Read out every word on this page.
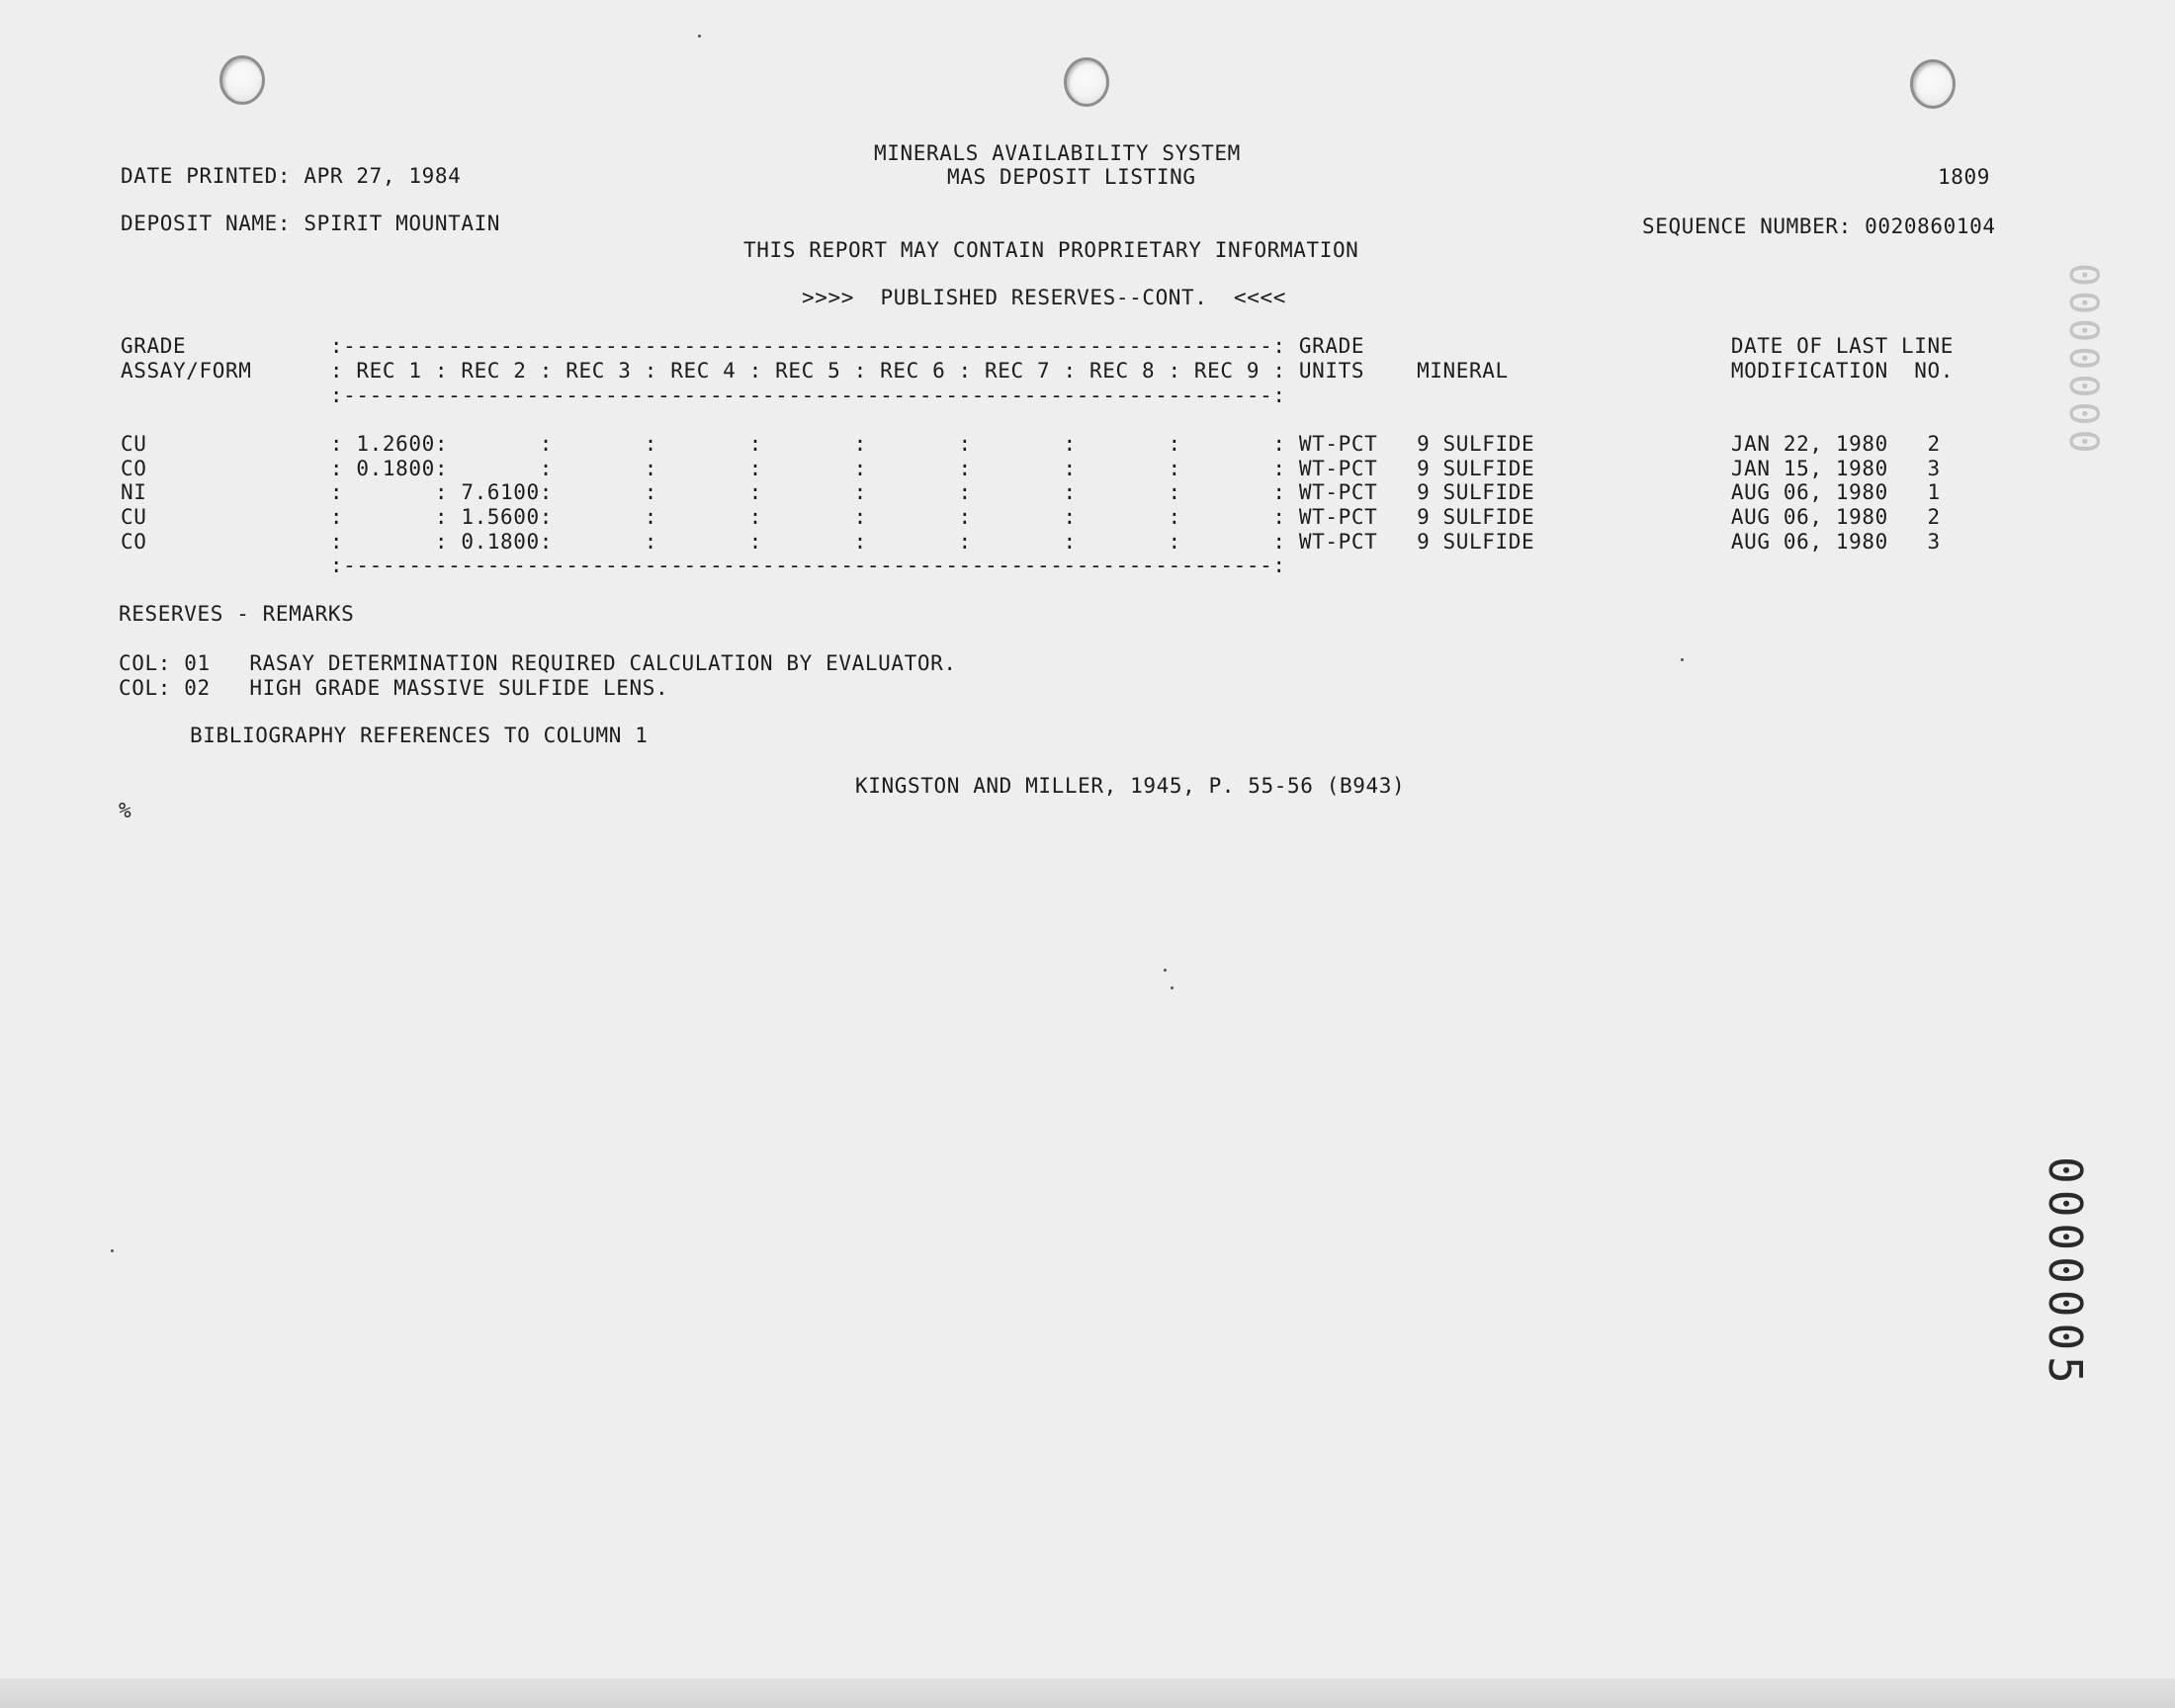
MINERALS AVAILABILITY SYSTEM
MAS DEPOSIT LISTING
DATE PRINTED: APR 27, 1984	1809
DEPOSIT NAME: SPIRIT MOUNTAIN	SEQUENCE NUMBER: 0020860104
THIS REPORT MAY CONTAIN PROPRIETARY INFORMATION
>>>>  PUBLISHED RESERVES--CONT.  <<<<
GRADE           :-----------------------------------------------------------------------: GRADE                            DATE OF LAST LINE
ASSAY/FORM      : REC 1 : REC 2 : REC 3 : REC 4 : REC 5 : REC 6 : REC 7 : REC 8 : REC 9 : UNITS    MINERAL                 MODIFICATION  NO.
:-----------------------------------------------------------------------:
CU              : 1.2600:       :       :       :       :       :       :       :       : WT-PCT   9 SULFIDE               JAN 22, 1980   2
CO              : 0.1800:       :       :       :       :       :       :       :       : WT-PCT   9 SULFIDE               JAN 15, 1980   3
NI              :       : 7.6100:       :       :       :       :       :       :       : WT-PCT   9 SULFIDE               AUG 06, 1980   1
CU              :       : 1.5600:       :       :       :       :       :       :       : WT-PCT   9 SULFIDE               AUG 06, 1980   2
CO              :       : 0.1800:       :       :       :       :       :       :       : WT-PCT   9 SULFIDE               AUG 06, 1980   3
:-----------------------------------------------------------------------:
RESERVES - REMARKS
COL: 01   RASAY DETERMINATION REQUIRED CALCULATION BY EVALUATOR.
COL: 02   HIGH GRADE MASSIVE SULFIDE LENS.
BIBLIOGRAPHY REFERENCES TO COLUMN 1
KINGSTON AND MILLER, 1945, P. 55-56 (B943)
%
0000000
0000005
